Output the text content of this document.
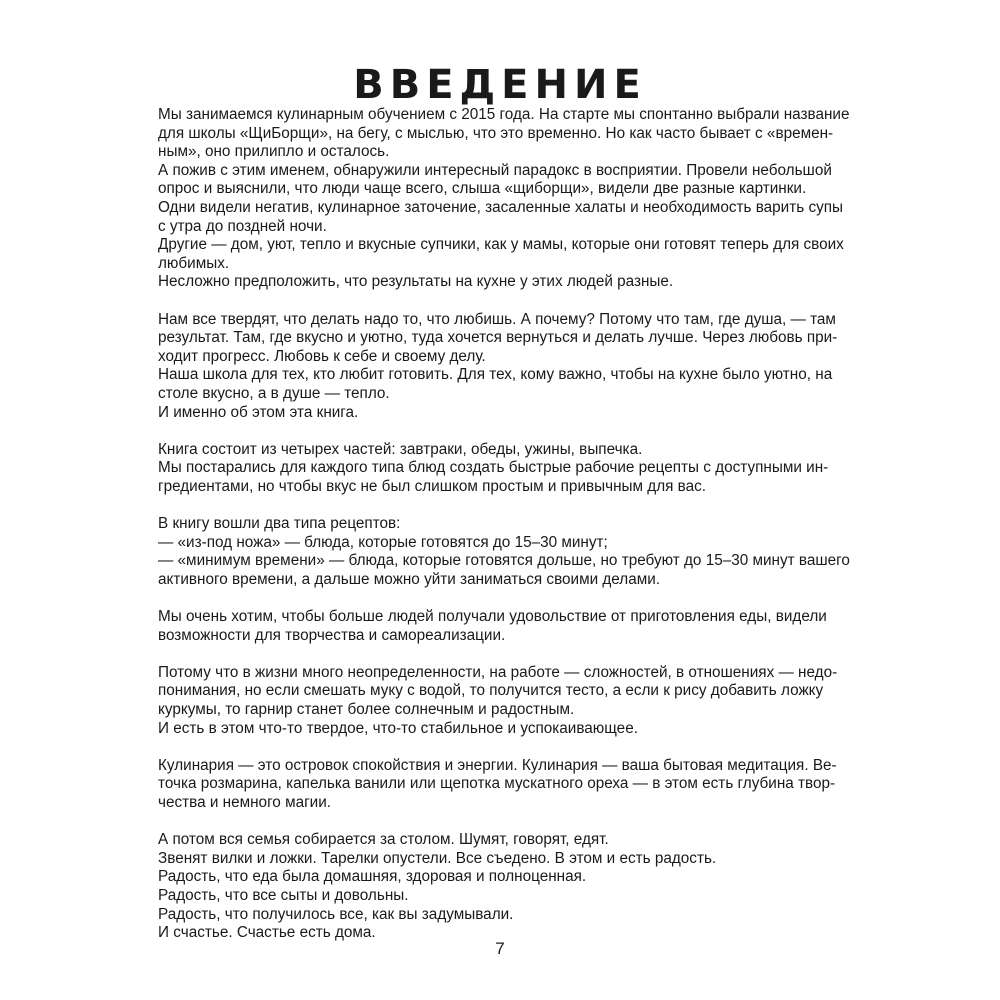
ВВЕДЕНИЕ

Мы занимаемся кулинарным обучением с 2015 года. На старте мы спонтанно выбрали название
для школы «ЩиБорщи», на бегу, с мыслью, что это временно. Но как часто бывает с «времен-
ным», оно прилипло и осталось.
А пожив с этим именем, обнаружили интересный парадокс в восприятии. Провели небольшой
опрос и выяснили, что люди чаще всего, слыша «щиборщи», видели две разные картинки.
Одни видели негатив, кулинарное заточение, засаленные халаты и необходимость варить супы
с утра до поздней ночи.
Другие — дом, уют, тепло и вкусные супчики, как у мамы, которые они готовят теперь для своих
любимых.
Несложно предположить, что результаты на кухне у этих людей разные.

Нам все твердят, что делать надо то, что любишь. А почему? Потому что там, где душа, — там
результат. Там, где вкусно и уютно, туда хочется вернуться и делать лучше. Через любовь при-
ходит прогресс. Любовь к себе и своему делу.
Наша школа для тех, кто любит готовить. Для тех, кому важно, чтобы на кухне было уютно, на
столе вкусно, а в душе — тепло.
И именно об этом эта книга.

Книга состоит из четырех частей: завтраки, обеды, ужины, выпечка.
Мы постарались для каждого типа блюд создать быстрые рабочие рецепты с доступными ин-
гредиентами, но чтобы вкус не был слишком простым и привычным для вас.

В книгу вошли два типа рецептов:
— «из-под ножа» — блюда, которые готовятся до 15–30 минут;
— «минимум времени» — блюда, которые готовятся дольше, но требуют до 15–30 минут вашего
активного времени, а дальше можно уйти заниматься своими делами.

Мы очень хотим, чтобы больше людей получали удовольствие от приготовления еды, видели
возможности для творчества и самореализации.

Потому что в жизни много неопределенности, на работе — сложностей, в отношениях — недо-
понимания, но если смешать муку с водой, то получится тесто, а если к рису добавить ложку
куркумы, то гарнир станет более солнечным и радостным.
И есть в этом что-то твердое, что-то стабильное и успокаивающее.

Кулинария — это островок спокойствия и энергии. Кулинария — ваша бытовая медитация. Ве-
точка розмарина, капелька ванили или щепотка мускатного ореха — в этом есть глубина твор-
чества и немного магии.

А потом вся семья собирается за столом. Шумят, говорят, едят.
Звенят вилки и ложки. Тарелки опустели. Все съедено. В этом и есть радость.
Радость, что еда была домашняя, здоровая и полноценная.
Радость, что все сыты и довольны.
Радость, что получилось все, как вы задумывали.
И счастье. Счастье есть дома.

7
